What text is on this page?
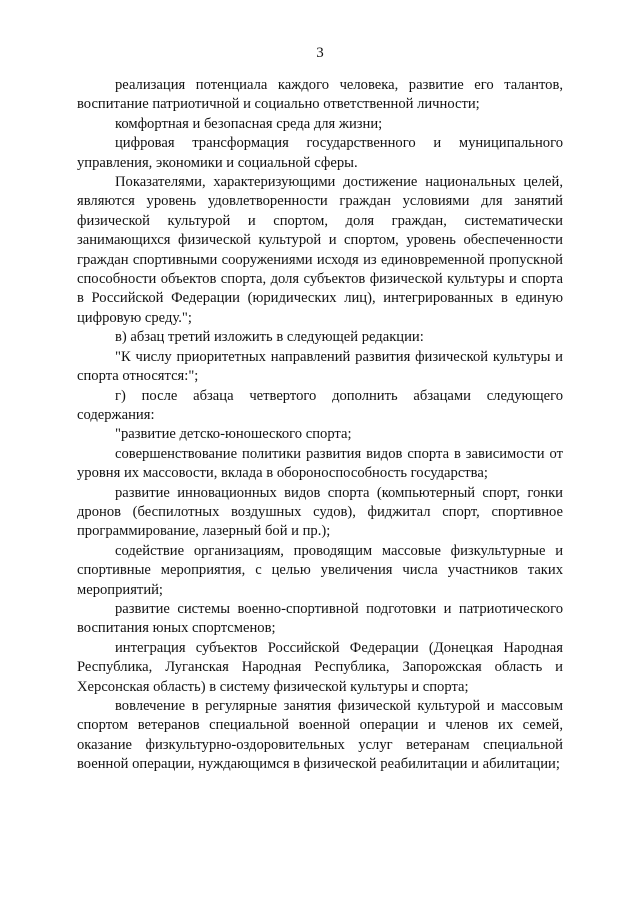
3

реализация потенциала каждого человека, развитие его талантов, воспитание патриотичной и социально ответственной личности;

комфортная и безопасная среда для жизни;

цифровая трансформация государственного и муниципального управления, экономики и социальной сферы.

Показателями, характеризующими достижение национальных целей, являются уровень удовлетворенности граждан условиями для занятий физической культурой и спортом, доля граждан, систематически занимающихся физической культурой и спортом, уровень обеспеченности граждан спортивными сооружениями исходя из единовременной пропускной способности объектов спорта, доля субъектов физической культуры и спорта в Российской Федерации (юридических лиц), интегрированных в единую цифровую среду.";

в) абзац третий изложить в следующей редакции:

"К числу приоритетных направлений развития физической культуры и спорта относятся:";

г) после абзаца четвертого дополнить абзацами следующего содержания:

"развитие детско-юношеского спорта;

совершенствование политики развития видов спорта в зависимости от уровня их массовости, вклада в обороноспособность государства;

развитие инновационных видов спорта (компьютерный спорт, гонки дронов (беспилотных воздушных судов), фиджитал спорт, спортивное программирование, лазерный бой и пр.);

содействие организациям, проводящим массовые физкультурные и спортивные мероприятия, с целью увеличения числа участников таких мероприятий;

развитие системы военно-спортивной подготовки и патриотического воспитания юных спортсменов;

интеграция субъектов Российской Федерации (Донецкая Народная Республика, Луганская Народная Республика, Запорожская область и Херсонская область) в систему физической культуры и спорта;

вовлечение в регулярные занятия физической культурой и массовым спортом ветеранов специальной военной операции и членов их семей, оказание физкультурно-оздоровительных услуг ветеранам специальной военной операции, нуждающимся в физической реабилитации и абилитации;
